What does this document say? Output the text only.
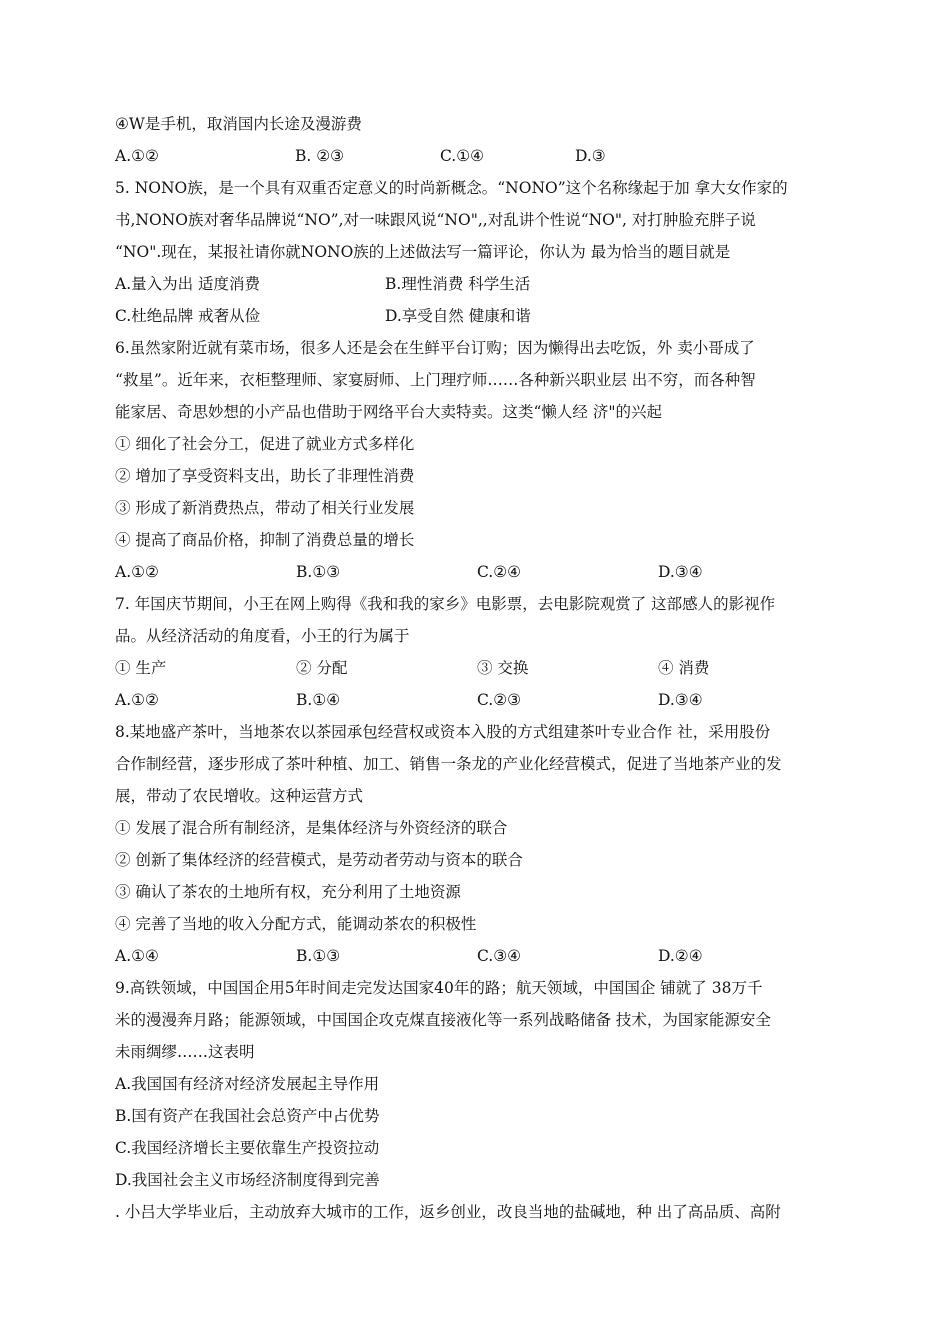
④W是手机，取消国内长途及漫游费
A.①②	B. ②③	C.①④	D.③
5. NONO族，是一个具有双重否定意义的时尚新概念。“NONO”这个名称缘起于加 拿大女作家的
书,NONO族对奢华品牌说“NO”,对一味跟风说“NO",,对乱讲个性说“NO", 对打肿脸充胖子说
“NO".现在，某报社请你就NONO族的上述做法写一篇评论，你认为 最为恰当的题目就是
A.量入为出 适度消费	B.理性消费 科学生活
C.杜绝品牌 戒奢从俭	D.享受自然 健康和谐
6.虽然家附近就有菜市场，很多人还是会在生鲜平台订购；因为懒得出去吃饭，外 卖小哥成了
“救星”。近年来，衣柜整理师、家宴厨师、上门理疗师……各种新兴职业层 出不穷，而各种智
能家居、奇思妙想的小产品也借助于网络平台大卖特卖。这类“懒人经 济"的兴起
① 细化了社会分工，促进了就业方式多样化
② 增加了享受资料支出，助长了非理性消费
③ 形成了新消费热点，带动了相关行业发展
④ 提高了商品价格，抑制了消费总量的增长
A.①②	B.①③	C.②④	D.③④
7. 年国庆节期间，小王在网上购得《我和我的家乡》电影票，去电影院观赏了 这部感人的影视作
品。从经济活动的角度看，小王的行为属于
① 生产	② 分配	③ 交换	④ 消费
A.①②	B.①④	C.②③	D.③④
8.某地盛产茶叶，当地茶农以茶园承包经营权或资本入股的方式组建茶叶专业合作 社，采用股份
合作制经营，逐步形成了茶叶种植、加工、销售一条龙的产业化经营模式，促进了当地茶产业的发
展，带动了农民增收。这种运营方式
① 发展了混合所有制经济，是集体经济与外资经济的联合
② 创新了集体经济的经营模式，是劳动者劳动与资本的联合
③ 确认了茶农的土地所有权，充分利用了土地资源
④ 完善了当地的收入分配方式，能调动茶农的积极性
A.①④	B.①③	C.③④	D.②④
9.高铁领域，中国国企用5年时间走完发达国家40年的路；航天领域，中国国企 铺就了 38万千
米的漫漫奔月路；能源领域，中国国企攻克煤直接液化等一系列战略储备 技术，为国家能源安全
未雨绸缪……这表明
A.我国国有经济对经济发展起主导作用
B.国有资产在我国社会总资产中占优势
C.我国经济增长主要依靠生产投资拉动
D.我国社会主义市场经济制度得到完善
. 小吕大学毕业后，主动放弃大城市的工作，返乡创业，改良当地的盐碱地，种 出了高品质、高附
